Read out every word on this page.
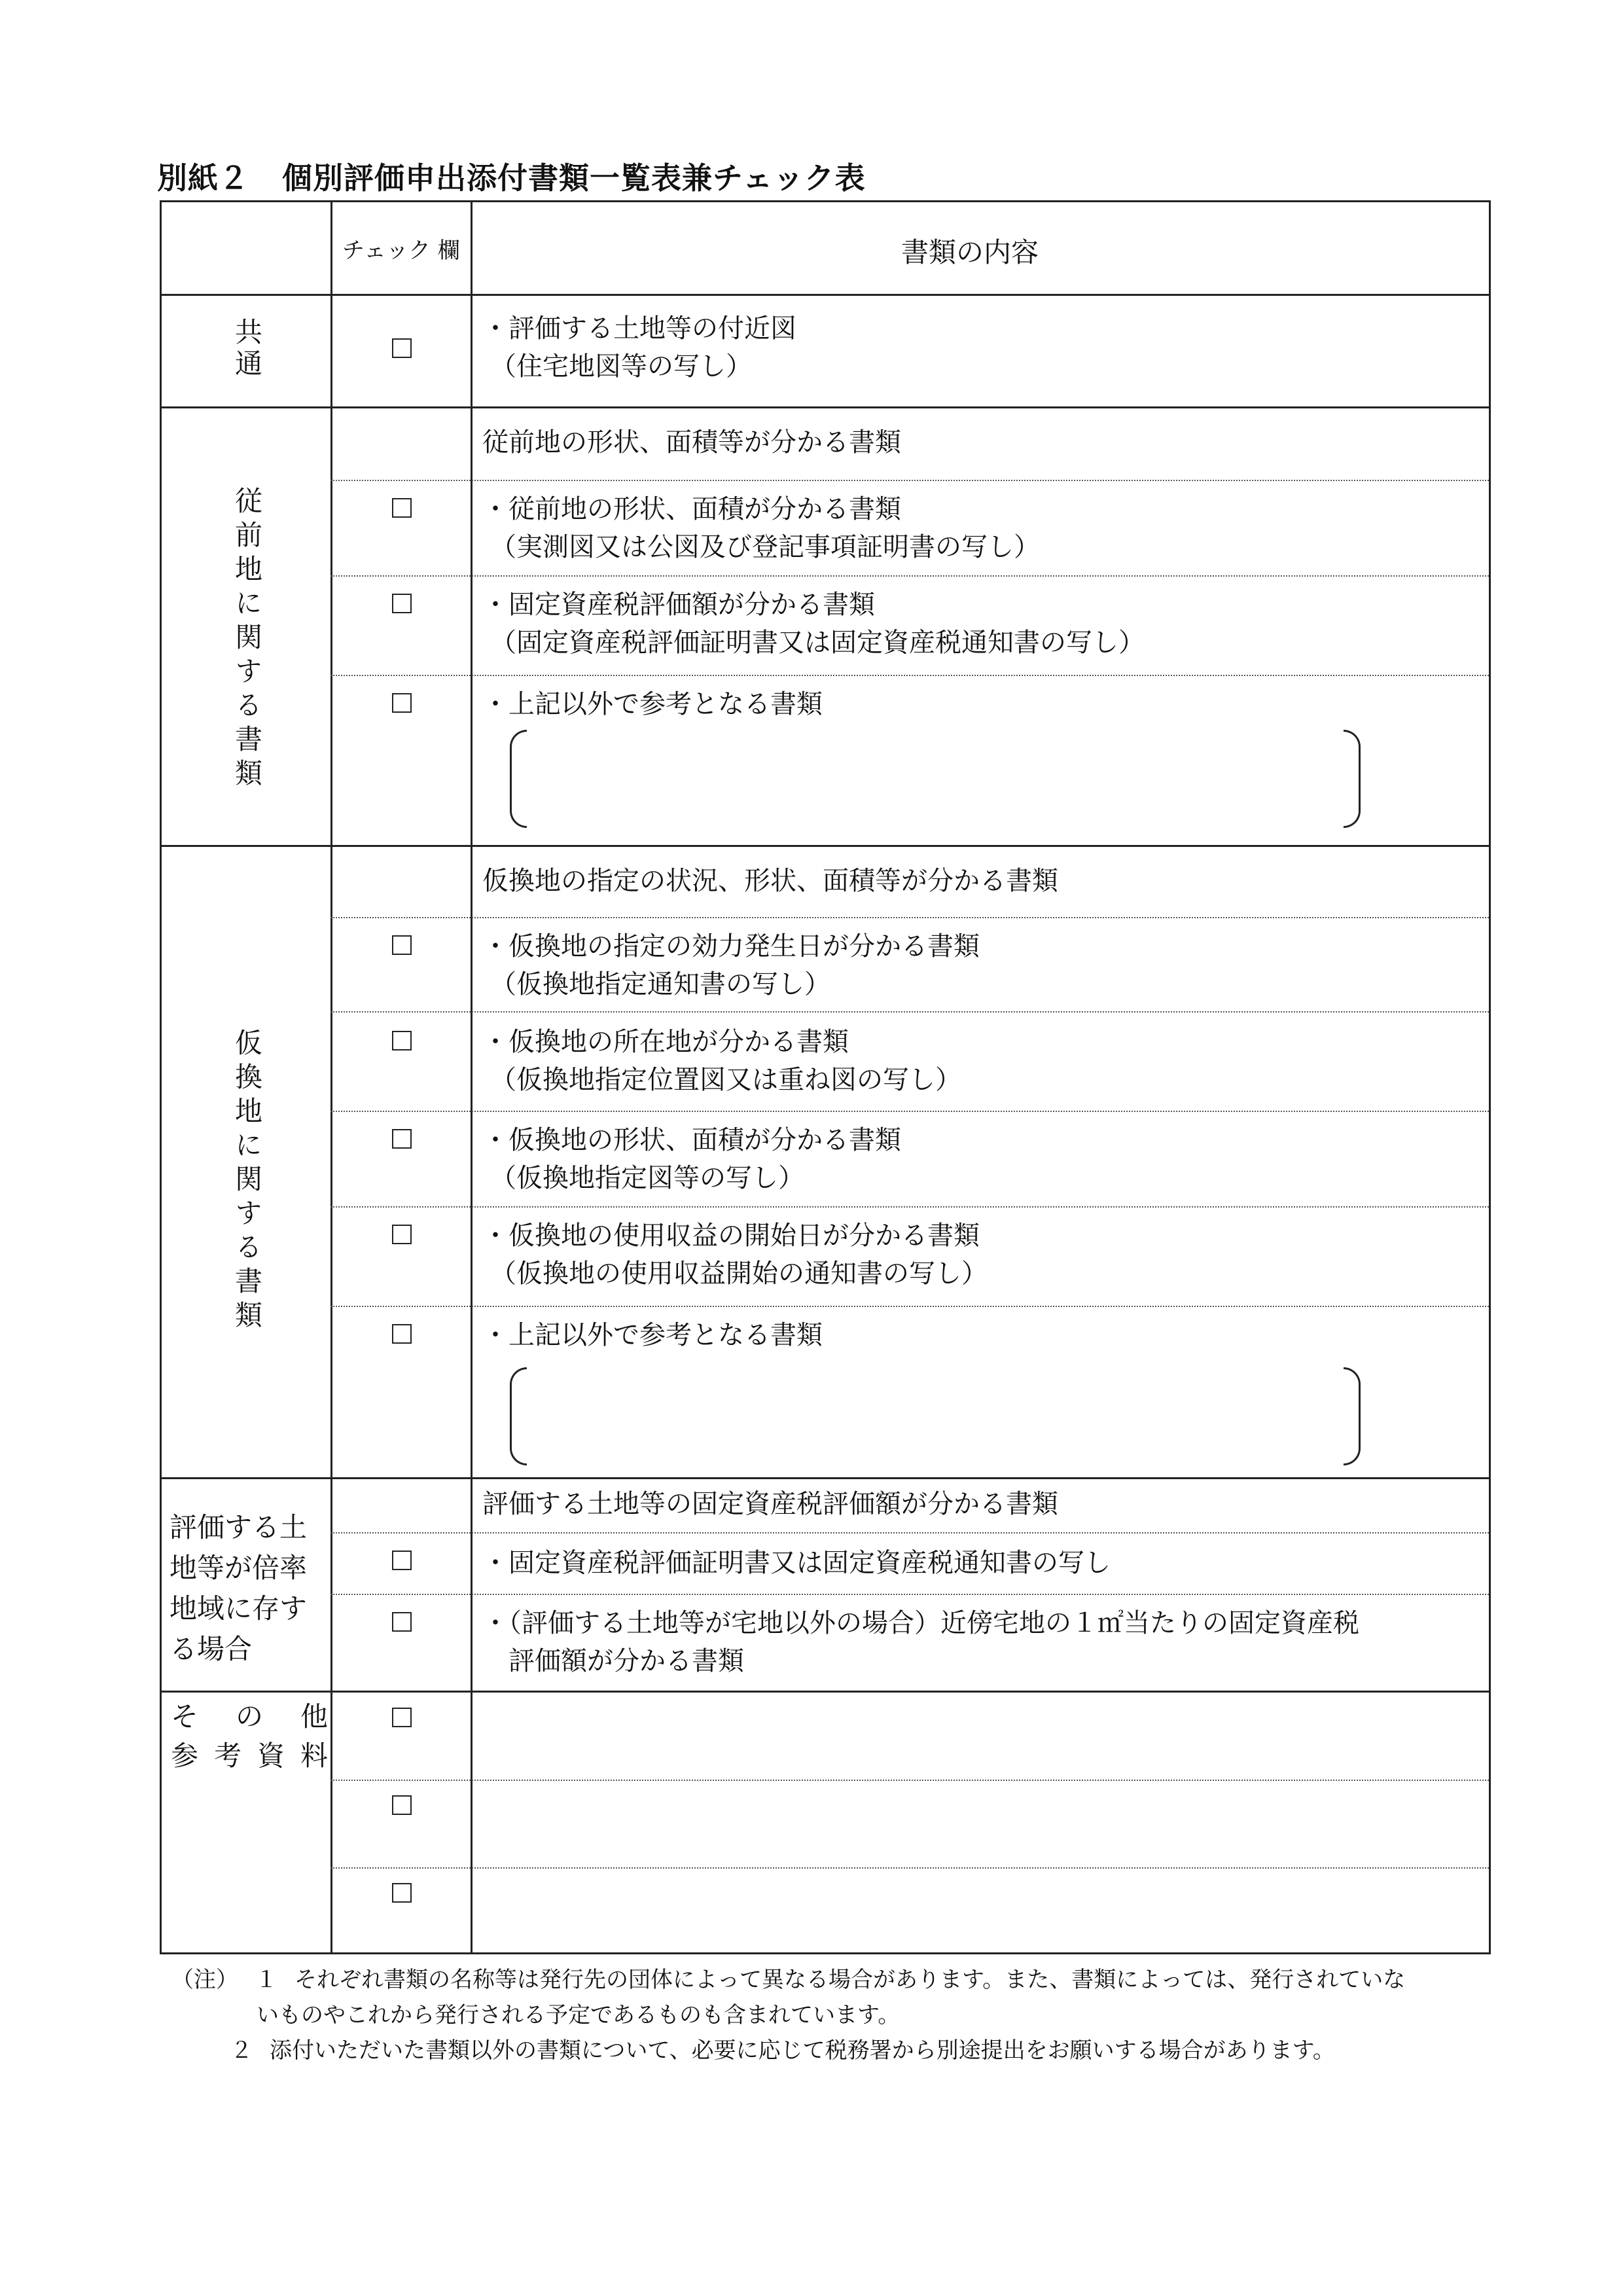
別紙２ 個別評価申出添付書類一覧表兼チェック表
チェック 欄	書類の内容
共通	・評価する土地等の付近図
（住宅地図等の写し）
従前地に関する書類
従前地の形状、面積等が分かる書類
・従前地の形状、面積が分かる書類
（実測図又は公図及び登記事項証明書の写し）
・固定資産税評価額が分かる書類
（固定資産税評価証明書又は固定資産税通知書の写し）
・上記以外で参考となる書類
仮換地に関する書類
仮換地の指定の状況、形状、面積等が分かる書類
・仮換地の指定の効力発生日が分かる書類
（仮換地指定通知書の写し）
・仮換地の所在地が分かる書類
（仮換地指定位置図又は重ね図の写し）
・仮換地の形状、面積が分かる書類
（仮換地指定図等の写し）
・仮換地の使用収益の開始日が分かる書類
（仮換地の使用収益開始の通知書の写し）
・上記以外で参考となる書類
評価する土
地等が倍率
地域に存す
る場合
評価する土地等の固定資産税評価額が分かる書類
・固定資産税評価証明書又は固定資産税通知書の写し
・（評価する土地等が宅地以外の場合）近傍宅地の１㎡当たりの固定資産税
評価額が分かる書類
その他
参考資料
（注） １ それぞれ書類の名称等は発行先の団体によって異なる場合があります。また、書類によっては、発行されていな
いものやこれから発行される予定であるものも含まれています。
２ 添付いただいた書類以外の書類について、必要に応じて税務署から別途提出をお願いする場合があります。
